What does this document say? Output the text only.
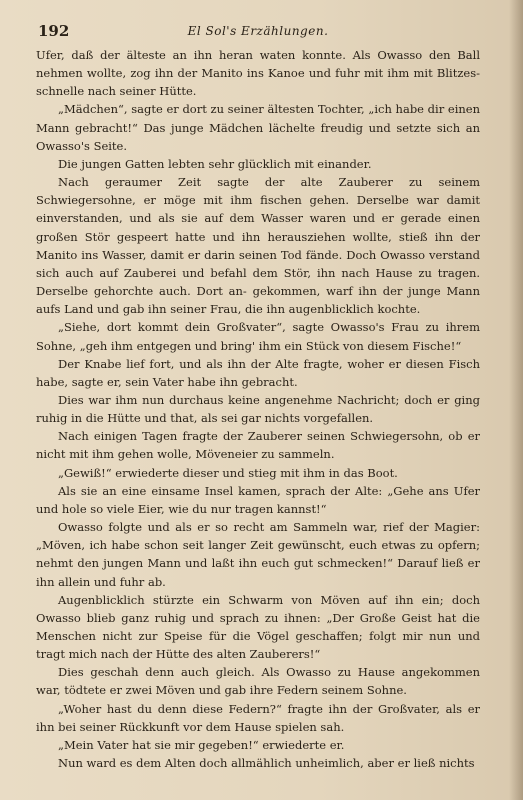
192	El Sol's Erzählungen.

Ufer, daß der älteste an ihn heran waten konnte. Als Owasso den Ball nehmen wollte, zog ihn der Manito ins Kanoe und fuhr mit ihm mit Blitzes- schnelle nach seiner Hütte.

„Mädchen“, sagte er dort zu seiner ältesten Tochter, „ich habe dir einen Mann gebracht!“ Das junge Mädchen lächelte freudig und setzte sich an Owasso's Seite.

Die jungen Gatten lebten sehr glücklich mit einander.

Nach geraumer Zeit sagte der alte Zauberer zu seinem Schwiegersohne, er möge mit ihm fischen gehen. Derselbe war damit einverstanden, und als sie auf dem Wasser waren und er gerade einen großen Stör gespeert hatte und ihn herausziehen wollte, stieß ihn der Manito ins Wasser, damit er darin seinen Tod fände. Doch Owasso verstand sich auch auf Zauberei und befahl dem Stör, ihn nach Hause zu tragen. Derselbe gehorchte auch. Dort an- gekommen, warf ihn der junge Mann aufs Land und gab ihn seiner Frau, die ihn augenblicklich kochte.

„Siehe, dort kommt dein Großvater“, sagte Owasso's Frau zu ihrem Sohne, „geh ihm entgegen und bring' ihm ein Stück von diesem Fische!“

Der Knabe lief fort, und als ihn der Alte fragte, woher er diesen Fisch habe, sagte er, sein Vater habe ihn gebracht.

Dies war ihm nun durchaus keine angenehme Nachricht; doch er ging ruhig in die Hütte und that, als sei gar nichts vorgefallen.

Nach einigen Tagen fragte der Zauberer seinen Schwiegersohn, ob er nicht mit ihm gehen wolle, Möveneier zu sammeln.

„Gewiß!“ erwiederte dieser und stieg mit ihm in das Boot.

Als sie an eine einsame Insel kamen, sprach der Alte: „Gehe ans Ufer und hole so viele Eier, wie du nur tragen kannst!“

Owasso folgte und als er so recht am Sammeln war, rief der Magier: „Möven, ich habe schon seit langer Zeit gewünscht, euch etwas zu opfern; nehmt den jungen Mann und laßt ihn euch gut schmecken!“ Darauf ließ er ihn allein und fuhr ab.

Augenblicklich stürzte ein Schwarm von Möven auf ihn ein; doch Owasso blieb ganz ruhig und sprach zu ihnen: „Der Große Geist hat die Menschen nicht zur Speise für die Vögel geschaffen; folgt mir nun und tragt mich nach der Hütte des alten Zauberers!“

Dies geschah denn auch gleich. Als Owasso zu Hause angekommen war, tödtete er zwei Möven und gab ihre Federn seinem Sohne.

„Woher hast du denn diese Federn?“ fragte ihn der Großvater, als er ihn bei seiner Rückkunft vor dem Hause spielen sah.

„Mein Vater hat sie mir gegeben!“ erwiederte er.

Nun ward es dem Alten doch allmählich unheimlich, aber er ließ nichts
